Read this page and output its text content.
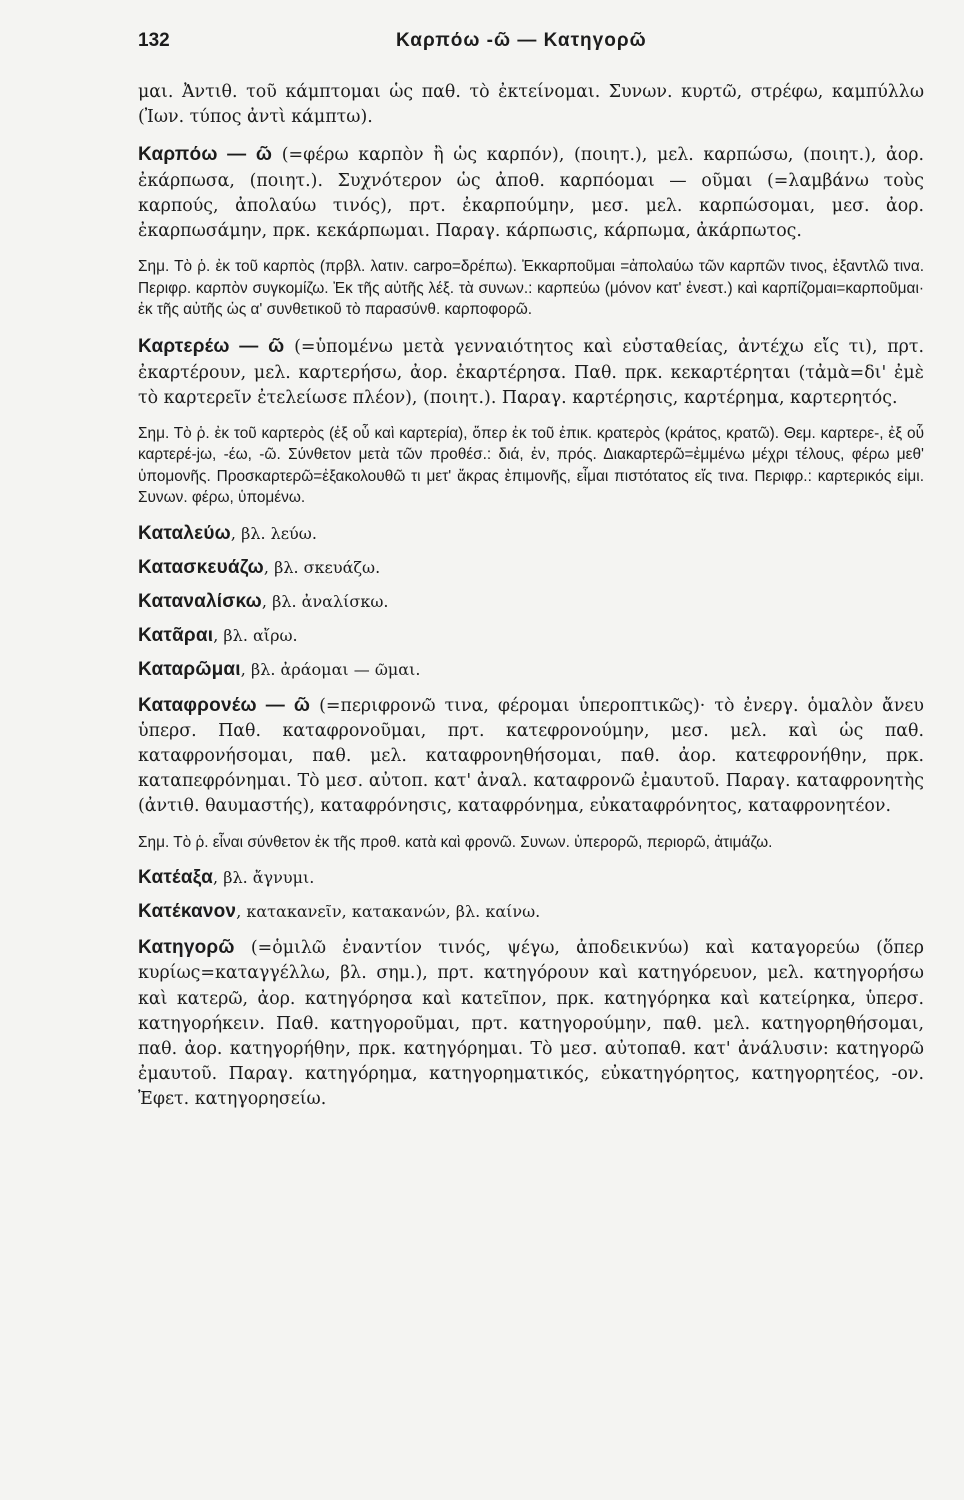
132	Καρπόω -ῶ — Κατηγορῶ

μαι. Ἀντιθ. τοῦ κάμπτομαι ὡς παθ. τὸ ἐκτείνομαι. Συνων. κυρτῶ, στρέφω, καμπύλλω (Ἰων. τύπος ἀντὶ κάμπτω).

Καρπόω — ῶ (=φέρω καρπὸν ἢ ὡς καρπόν), (ποιητ.), μελ. καρπώσω, (ποιητ.), ἀορ. ἐκάρπωσα, (ποιητ.). Συχνότερον ὡς ἀποθ. καρπόομαι — οῦμαι (=λαμβάνω τοὺς καρπούς, ἀπολαύω τινός), πρτ. ἐκαρπούμην, μεσ. μελ. καρπώσομαι, μεσ. ἀορ. ἐκαρπωσάμην, πρκ. κεκάρπωμαι. Παραγ. κάρπωσις, κάρπωμα, ἀκάρπωτος.

Σημ. Τὸ ῥ. ἐκ τοῦ καρπὸς (πρβλ. λατιν. carpo=δρέπω). Ἐκκαρποῦμαι =ἀπολαύω τῶν καρπῶν τινος, ἐξαντλῶ τινα. Περιφρ. καρπὸν συγκομίζω. Ἐκ τῆς αὐτῆς λέξ. τὰ συνων.: καρπεύω (μόνον κατ' ἐνεστ.) καὶ καρπίζομαι=καρποῦμαι· ἐκ τῆς αὐτῆς ὡς α' συνθετικοῦ τὸ παρασύνθ. καρποφορῶ.

Καρτερέω — ῶ (=ὑπομένω μετὰ γενναιότητος καὶ εὐσταθείας, ἀντέχω εἴς τι), πρτ. ἐκαρτέρουν, μελ. καρτερήσω, ἀορ. ἐκαρτέρησα. Παθ. πρκ. κεκαρτέρηται (τἀμὰ=δι' ἐμὲ τὸ καρτερεῖν ἐτελείωσε πλέον), (ποιητ.). Παραγ. καρτέρησις, καρτέρημα, καρτερητός.

Σημ. Τὸ ῥ. ἐκ τοῦ καρτερὸς (ἐξ οὗ καὶ καρτερία), ὅπερ ἐκ τοῦ ἐπικ. κρατερὸς (κράτος, κρατῶ). Θεμ. καρτερε-, ἐξ οὗ καρτερέ-jω, -έω, -ῶ. Σύνθετον μετὰ τῶν προθέσ.: διά, ἐν, πρός. Διακαρτερῶ=ἐμμένω μέχρι τέλους, φέρω μεθ' ὑπομονῆς. Προσκαρτερῶ=ἐξακολουθῶ τι μετ' ἄκρας ἐπιμονῆς, εἶμαι πιστότατος εἴς τινα. Περιφρ.: καρτερικός εἰμι. Συνων. φέρω, ὑπομένω.

Καταλεύω, βλ. λεύω.

Κατασκευάζω, βλ. σκευάζω.

Καταναλίσκω, βλ. ἀναλίσκω.

Κατᾶραι, βλ. αἴρω.

Καταρῶμαι, βλ. ἀράομαι — ῶμαι.

Καταφρονέω — ῶ (=περιφρονῶ τινα, φέρομαι ὑπεροπτικῶς)· τὸ ἐνεργ. ὁμαλὸν ἄνευ ὑπερσ. Παθ. καταφρονοῦμαι, πρτ. κατεφρονούμην, μεσ. μελ. καὶ ὡς παθ. καταφρονήσομαι, παθ. μελ. καταφρονηθήσομαι, παθ. ἀορ. κατεφρονήθην, πρκ. καταπεφρόνημαι. Τὸ μεσ. αὐτοπ. κατ' ἀναλ. καταφρονῶ ἐμαυτοῦ. Παραγ. καταφρονητὴς (ἀντιθ. θαυμαστής), καταφρόνησις, καταφρόνημα, εὐκαταφρόνητος, καταφρονητέον.

Σημ. Τὸ ῥ. εἶναι σύνθετον ἐκ τῆς προθ. κατὰ καὶ φρονῶ. Συνων. ὑπερορῶ, περιορῶ, ἀτιμάζω.

Κατέαξα, βλ. ἄγνυμι.

Κατέκανον, κατακανεῖν, κατακανών, βλ. καίνω.

Κατηγορῶ (=ὁμιλῶ ἐναντίον τινός, ψέγω, ἀποδεικνύω) καὶ καταγορεύω (ὅπερ κυρίως=καταγγέλλω, βλ. σημ.), πρτ. κατηγόρουν καὶ κατηγόρευον, μελ. κατηγορήσω καὶ κατερῶ, ἀορ. κατηγόρησα καὶ κατεῖπον, πρκ. κατηγόρηκα καὶ κατείρηκα, ὑπερσ. κατηγορήκειν. Παθ. κατηγοροῦμαι, πρτ. κατηγορούμην, παθ. μελ. κατηγορηθήσομαι, παθ. ἀορ. κατηγορήθην, πρκ. κατηγόρημαι. Τὸ μεσ. αὐτοπαθ. κατ' ἀνάλυσιν: κατηγορῶ ἐμαυτοῦ. Παραγ. κατηγόρημα, κατηγορηματικός, εὐκατηγόρητος, κατηγορητέος, -ον. Ἐφετ. κατηγορησείω.
